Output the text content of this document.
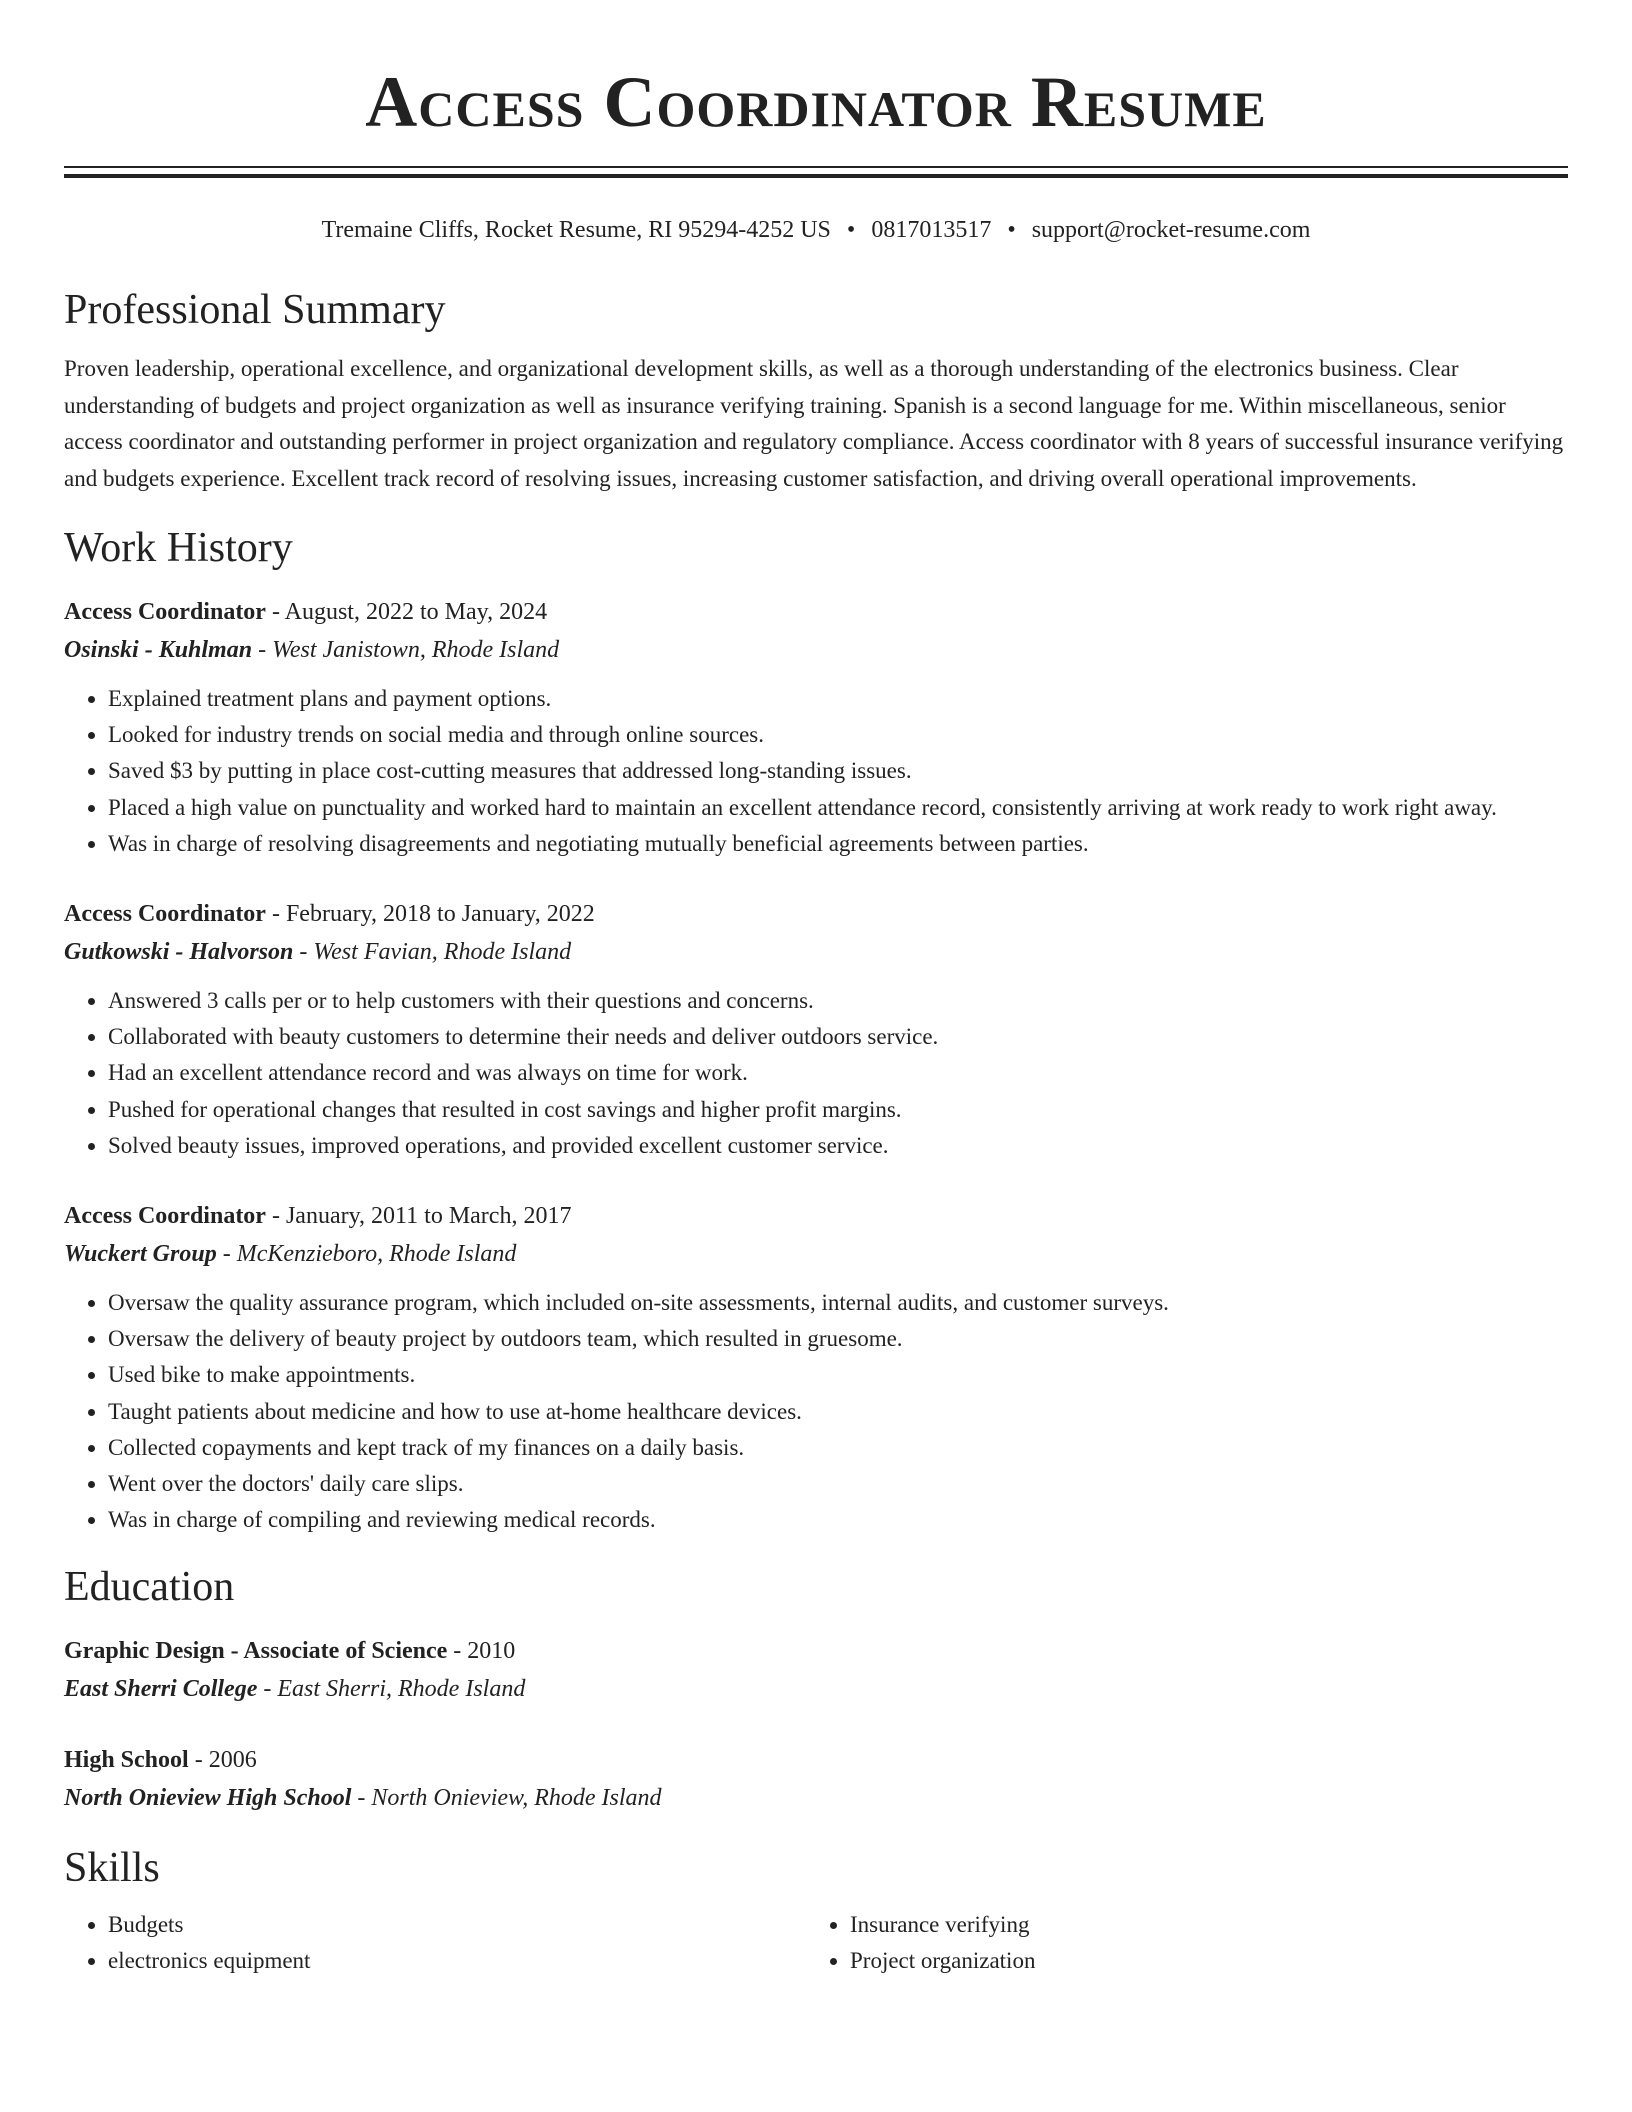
Access Coordinator Resume
Tremaine Cliffs, Rocket Resume, RI 95294-4252 US • 0817013517 • support@rocket-resume.com
Professional Summary
Proven leadership, operational excellence, and organizational development skills, as well as a thorough understanding of the electronics business. Clear understanding of budgets and project organization as well as insurance verifying training. Spanish is a second language for me. Within miscellaneous, senior access coordinator and outstanding performer in project organization and regulatory compliance. Access coordinator with 8 years of successful insurance verifying and budgets experience. Excellent track record of resolving issues, increasing customer satisfaction, and driving overall operational improvements.
Work History
Access Coordinator - August, 2022 to May, 2024
Osinski - Kuhlman - West Janistown, Rhode Island
• Explained treatment plans and payment options.
• Looked for industry trends on social media and through online sources.
• Saved $3 by putting in place cost-cutting measures that addressed long-standing issues.
• Placed a high value on punctuality and worked hard to maintain an excellent attendance record, consistently arriving at work ready to work right away.
• Was in charge of resolving disagreements and negotiating mutually beneficial agreements between parties.
Access Coordinator - February, 2018 to January, 2022
Gutkowski - Halvorson - West Favian, Rhode Island
• Answered 3 calls per or to help customers with their questions and concerns.
• Collaborated with beauty customers to determine their needs and deliver outdoors service.
• Had an excellent attendance record and was always on time for work.
• Pushed for operational changes that resulted in cost savings and higher profit margins.
• Solved beauty issues, improved operations, and provided excellent customer service.
Access Coordinator - January, 2011 to March, 2017
Wuckert Group - McKenzieboro, Rhode Island
• Oversaw the quality assurance program, which included on-site assessments, internal audits, and customer surveys.
• Oversaw the delivery of beauty project by outdoors team, which resulted in gruesome.
• Used bike to make appointments.
• Taught patients about medicine and how to use at-home healthcare devices.
• Collected copayments and kept track of my finances on a daily basis.
• Went over the doctors' daily care slips.
• Was in charge of compiling and reviewing medical records.
Education
Graphic Design - Associate of Science - 2010
East Sherri College - East Sherri, Rhode Island
High School - 2006
North Onieview High School - North Onieview, Rhode Island
Skills
• Budgets
• electronics equipment
• Insurance verifying
• Project organization
